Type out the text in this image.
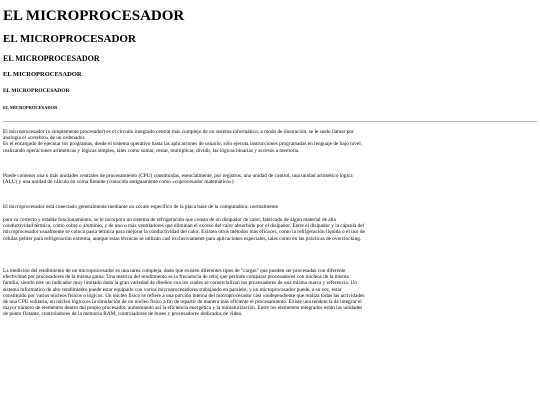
EL MICROPROCESADOR
EL MICROPROCESADOR
EL MICROPROCESADOR
EL MICROPROCESADOR
EL MICROPROCESADOR
EL MICROPROCESADOR

El microprocesador (o simplemente procesador) es el circuito integrado central más complejo de un sistema informático; a modo de ilustración, se le suele llamar por analogía el «cerebro» de un ordenador.
Es el encargado de ejecutar los programas, desde el sistema operativo hasta las aplicaciones de usuario; sólo ejecuta instrucciones programadas en lenguaje de bajo nivel, realizando operaciones aritméticas y lógicas simples, tales como sumar, restar, multiplicar, dividir, las lógicas binarias y accesos a memoria.

Puede contener una o más unidades centrales de procesamiento (CPU) constituidas, esencialmente, por registros, una unidad de control, una unidad aritmético lógica (ALU) y una unidad de cálculo en coma flotante (conocida antiguamente como «coprocesador matemático»).

El microprocesador está conectado generalmente mediante un zócalo específico de la placa base de la computadora; normalmente

para su correcto y estable funcionamiento, se le incorpora un sistema de refrigeración que consta de un disipador de calor, fabricado de algún material de alta conductividad térmica, como cobre o aluminio, y de uno o más ventiladores que eliminan el exceso del calor absorbido por el disipador. Entre el disipador y la cápsula del microprocesador usualmente se coloca pasta térmica para mejorar la conductividad del calor. Existen otros métodos más eficaces, como la refrigeración líquida o el uso de células peltier para refrigeración extrema, aunque estas técnicas se utilizan casi exclusivamente para aplicaciones especiales, tales como en las prácticas de overclocking.

La medición del rendimiento de un microprocesador es una tarea compleja, dado que existen diferentes tipos de "cargas" que pueden ser procesadas con diferente efectividad por procesadores de la misma gama. Una métrica del rendimiento es la frecuencia de reloj que permite comparar procesadores con núcleos de la misma familia, siendo este un indicador muy limitado dada la gran variedad de diseños con los cuales se comercializan los procesadores de una misma marca y referencia. Un sistema informático de alto rendimiento puede estar equipado con varios microprocesadores trabajando en paralelo, y un microprocesador puede, a su vez, estar constituido por varios núcleos físicos o lógicos. Un núcleo físico se refiere a una porción interna del microprocesador casi «independiente que realiza todas las actividades de una CPU solitaria, un núcleo lógico es la simulación de un núcleo físico a fin de repartir de manera más eficiente el procesamiento. Existe una tendencia de integrar el mayor número de elementos dentro del propio procesador, aumentando así la eficiencia energética y la miniaturización. Entre los elementos integrados están las unidades de punto flotante, controladores de la memoria RAM, controladores de buses y procesadores dedicados de video.
